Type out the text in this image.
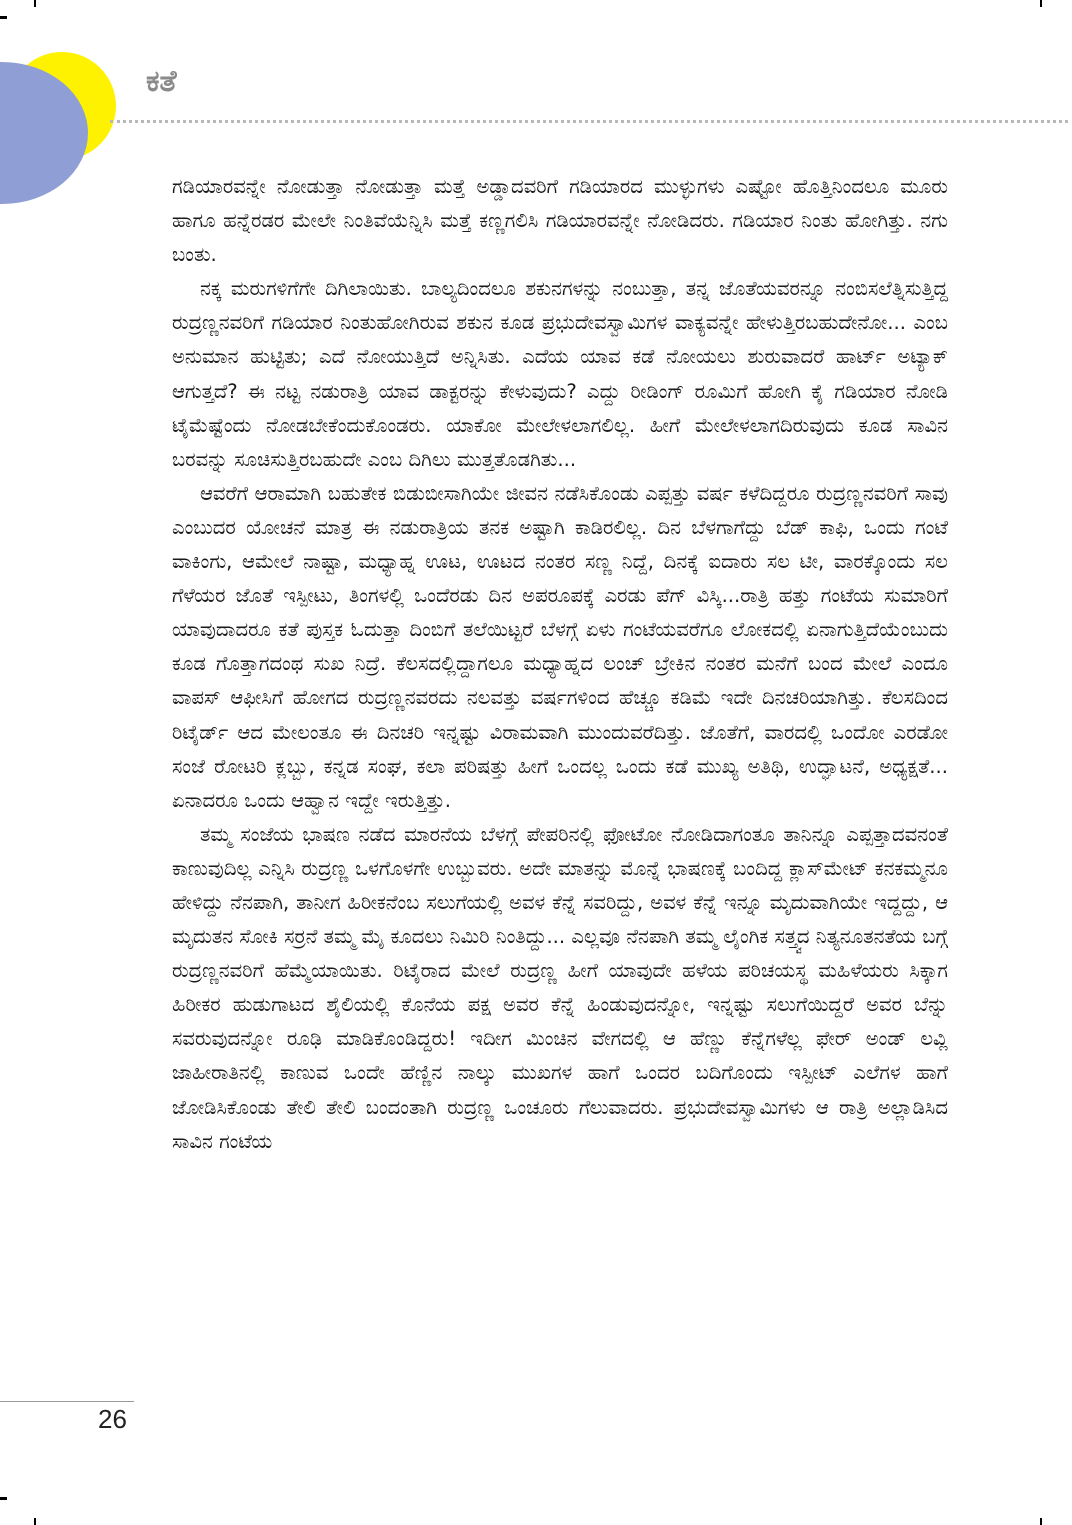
ಕತೆ

ಗಡಿಯಾರವನ್ನೇ ನೋಡುತ್ತಾ ನೋಡುತ್ತಾ ಮತ್ತೆ ಅಡ್ಡಾದವರಿಗೆ ಗಡಿಯಾರದ ಮುಳ್ಳುಗಳು ಎಷ್ಟೋ ಹೊತ್ತಿನಿಂದಲೂ ಮೂರು ಹಾಗೂ ಹನ್ನೆರಡರ ಮೇಲೇ ನಿಂತಿವೆಯೆನ್ನಿಸಿ ಮತ್ತೆ ಕಣ್ಣಗಲಿಸಿ ಗಡಿಯಾರವನ್ನೇ ನೋಡಿದರು. ಗಡಿಯಾರ ನಿಂತು ಹೋಗಿತ್ತು. ನಗು ಬಂತು.

ನಕ್ಕ ಮರುಗಳಿಗೆಗೇ ದಿಗಿಲಾಯಿತು. ಬಾಲ್ಯದಿಂದಲೂ ಶಕುನಗಳನ್ನು ನಂಬುತ್ತಾ, ತನ್ನ ಜೊತೆಯವರನ್ನೂ ನಂಬಿಸಲೆತ್ನಿಸುತ್ತಿದ್ದ ರುದ್ರಣ್ಣನವರಿಗೆ ಗಡಿಯಾರ ನಿಂತುಹೋಗಿರುವ ಶಕುನ ಕೂಡ ಪ್ರಭುದೇವಸ್ವಾಮಿಗಳ ವಾಕ್ಯವನ್ನೇ ಹೇಳುತ್ತಿರಬಹುದೇನೋ... ಎಂಬ ಅನುಮಾನ ಹುಟ್ಟಿತು; ಎದೆ ನೋಯುತ್ತಿದೆ ಅನ್ನಿಸಿತು. ಎದೆಯ ಯಾವ ಕಡೆ ನೋಯಲು ಶುರುವಾದರೆ ಹಾರ್ಟ್ ಅಟ್ಯಾಕ್ ಆಗುತ್ತದೆ? ಈ ನಟ್ಟ ನಡುರಾತ್ರಿ ಯಾವ ಡಾಕ್ಟರನ್ನು ಕೇಳುವುದು? ಎದ್ದು ರೀಡಿಂಗ್ ರೂಮಿಗೆ ಹೋಗಿ ಕೈ ಗಡಿಯಾರ ನೋಡಿ ಟೈಮೆಷ್ಟೆಂದು ನೋಡಬೇಕೆಂದುಕೊಂಡರು. ಯಾಕೋ ಮೇಲೇಳಲಾಗಲಿಲ್ಲ. ಹೀಗೆ ಮೇಲೇಳಲಾಗದಿರುವುದು ಕೂಡ ಸಾವಿನ ಬರವನ್ನು ಸೂಚಿಸುತ್ತಿರಬಹುದೇ ಎಂಬ ದಿಗಿಲು ಮುತ್ತತೊಡಗಿತು...

ಆವರೆಗೆ ಆರಾಮಾಗಿ ಬಹುತೇಕ ಬಿಡುಬೀಸಾಗಿಯೇ ಜೀವನ ನಡೆಸಿಕೊಂಡು ಎಪ್ಪತ್ತು ವರ್ಷ ಕಳೆದಿದ್ದರೂ ರುದ್ರಣ್ಣನವರಿಗೆ ಸಾವು ಎಂಬುದರ ಯೋಚನೆ ಮಾತ್ರ ಈ ನಡುರಾತ್ರಿಯ ತನಕ ಅಷ್ಟಾಗಿ ಕಾಡಿರಲಿಲ್ಲ. ದಿನ ಬೆಳಗಾಗೆದ್ದು ಬೆಡ್ ಕಾಫಿ, ಒಂದು ಗಂಟೆ ವಾಕಿಂಗು, ಆಮೇಲೆ ನಾಷ್ಟಾ, ಮಧ್ಯಾಹ್ನ ಊಟ, ಊಟದ ನಂತರ ಸಣ್ಣ ನಿದ್ದೆ, ದಿನಕ್ಕೆ ಐದಾರು ಸಲ ಟೀ, ವಾರಕ್ಕೊಂದು ಸಲ ಗೆಳೆಯರ ಜೊತೆ ಇಸ್ಪೀಟು, ತಿಂಗಳಲ್ಲಿ ಒಂದೆರಡು ದಿನ ಅಪರೂಪಕ್ಕೆ ಎರಡು ಪೆಗ್ ವಿಸ್ಕಿ...ರಾತ್ರಿ ಹತ್ತು ಗಂಟೆಯ ಸುಮಾರಿಗೆ ಯಾವುದಾದರೂ ಕತೆ ಪುಸ್ತಕ ಓದುತ್ತಾ ದಿಂಬಿಗೆ ತಲೆಯಿಟ್ಟರೆ ಬೆಳಗ್ಗೆ ಏಳು ಗಂಟೆಯವರೆಗೂ ಲೋಕದಲ್ಲಿ ಏನಾಗುತ್ತಿದೆಯೆಂಬುದು ಕೂಡ ಗೊತ್ತಾಗದಂಥ ಸುಖ ನಿದ್ರೆ. ಕೆಲಸದಲ್ಲಿದ್ದಾಗಲೂ ಮಧ್ಯಾಹ್ನದ ಲಂಚ್ ಬ್ರೇಕಿನ ನಂತರ ಮನೆಗೆ ಬಂದ ಮೇಲೆ ಎಂದೂ ವಾಪಸ್ ಆಫೀಸಿಗೆ ಹೋಗದ ರುದ್ರಣ್ಣನವರದು ನಲವತ್ತು ವರ್ಷಗಳಿಂದ ಹೆಚ್ಚೂ ಕಡಿಮೆ ಇದೇ ದಿನಚರಿಯಾಗಿತ್ತು. ಕೆಲಸದಿಂದ ರಿಟೈರ್ಡ್ ಆದ ಮೇಲಂತೂ ಈ ದಿನಚರಿ ಇನ್ನಷ್ಟು ವಿರಾಮವಾಗಿ ಮುಂದುವರೆದಿತ್ತು. ಜೊತೆಗೆ, ವಾರದಲ್ಲಿ ಒಂದೋ ಎರಡೋ ಸಂಜೆ ರೋಟರಿ ಕ್ಲಬ್ಬು, ಕನ್ನಡ ಸಂಘ, ಕಲಾ ಪರಿಷತ್ತು ಹೀಗೆ ಒಂದಲ್ಲ ಒಂದು ಕಡೆ ಮುಖ್ಯ ಅತಿಥಿ, ಉದ್ಘಾಟನೆ, ಅಧ್ಯಕ್ಷತೆ... ಏನಾದರೂ ಒಂದು ಆಹ್ವಾನ ಇದ್ದೇ ಇರುತ್ತಿತ್ತು.

ತಮ್ಮ ಸಂಜೆಯ ಭಾಷಣ ನಡೆದ ಮಾರನೆಯ ಬೆಳಗ್ಗೆ ಪೇಪರಿನಲ್ಲಿ ಫೋಟೋ ನೋಡಿದಾಗಂತೂ ತಾನಿನ್ನೂ ಎಪ್ಪತ್ತಾದವನಂತೆ ಕಾಣುವುದಿಲ್ಲ ಎನ್ನಿಸಿ ರುದ್ರಣ್ಣ ಒಳಗೊಳಗೇ ಉಬ್ಬುವರು. ಅದೇ ಮಾತನ್ನು ಮೊನ್ನೆ ಭಾಷಣಕ್ಕೆ ಬಂದಿದ್ದ ಕ್ಲಾಸ್‌ಮೇಟ್ ಕನಕಮ್ಮನೂ ಹೇಳಿದ್ದು ನೆನಪಾಗಿ, ತಾನೀಗ ಹಿರೀಕನೆಂಬ ಸಲುಗೆಯಲ್ಲಿ ಅವಳ ಕೆನ್ನೆ ಸವರಿದ್ದು, ಅವಳ ಕೆನ್ನೆ ಇನ್ನೂ ಮೃದುವಾಗಿಯೇ ಇದ್ದದ್ದು, ಆ ಮೃದುತನ ಸೋಕಿ ಸರ್ರನೆ ತಮ್ಮ ಮೈ ಕೂದಲು ನಿಮಿರಿ ನಿಂತಿದ್ದು... ಎಲ್ಲವೂ ನೆನಪಾಗಿ ತಮ್ಮ ಲೈಂಗಿಕ ಸತ್ತ್ವದ ನಿತ್ಯನೂತನತೆಯ ಬಗ್ಗೆ ರುದ್ರಣ್ಣನವರಿಗೆ ಹೆಮ್ಮೆಯಾಯಿತು. ರಿಟೈರಾದ ಮೇಲೆ ರುದ್ರಣ್ಣ ಹೀಗೆ ಯಾವುದೇ ಹಳೆಯ ಪರಿಚಯಸ್ಥ ಮಹಿಳೆಯರು ಸಿಕ್ಕಾಗ ಹಿರೀಕರ ಹುಡುಗಾಟದ ಶೈಲಿಯಲ್ಲಿ ಕೊನೆಯ ಪಕ್ಷ ಅವರ ಕೆನ್ನೆ ಹಿಂಡುವುದನ್ನೋ, ಇನ್ನಷ್ಟು ಸಲುಗೆಯಿದ್ದರೆ ಅವರ ಬೆನ್ನು ಸವರುವುದನ್ನೋ ರೂಢಿ ಮಾಡಿಕೊಂಡಿದ್ದರು! ಇದೀಗ ಮಿಂಚಿನ ವೇಗದಲ್ಲಿ ಆ ಹೆಣ್ಣು ಕೆನ್ನೆಗಳೆಲ್ಲ ಫೇರ್ ಅಂಡ್ ಲವ್ಲಿ ಜಾಹೀರಾತಿನಲ್ಲಿ ಕಾಣುವ ಒಂದೇ ಹೆಣ್ಣಿನ ನಾಲ್ಕು ಮುಖಗಳ ಹಾಗೆ ಒಂದರ ಬದಿಗೊಂದು ಇಸ್ಪೀಟ್ ಎಲೆಗಳ ಹಾಗೆ ಜೋಡಿಸಿಕೊಂಡು ತೇಲಿ ತೇಲಿ ಬಂದಂತಾಗಿ ರುದ್ರಣ್ಣ ಒಂಚೂರು ಗೆಲುವಾದರು. ಪ್ರಭುದೇವಸ್ವಾಮಿಗಳು ಆ ರಾತ್ರಿ ಅಲ್ಲಾಡಿಸಿದ ಸಾವಿನ ಗಂಟೆಯ

26
